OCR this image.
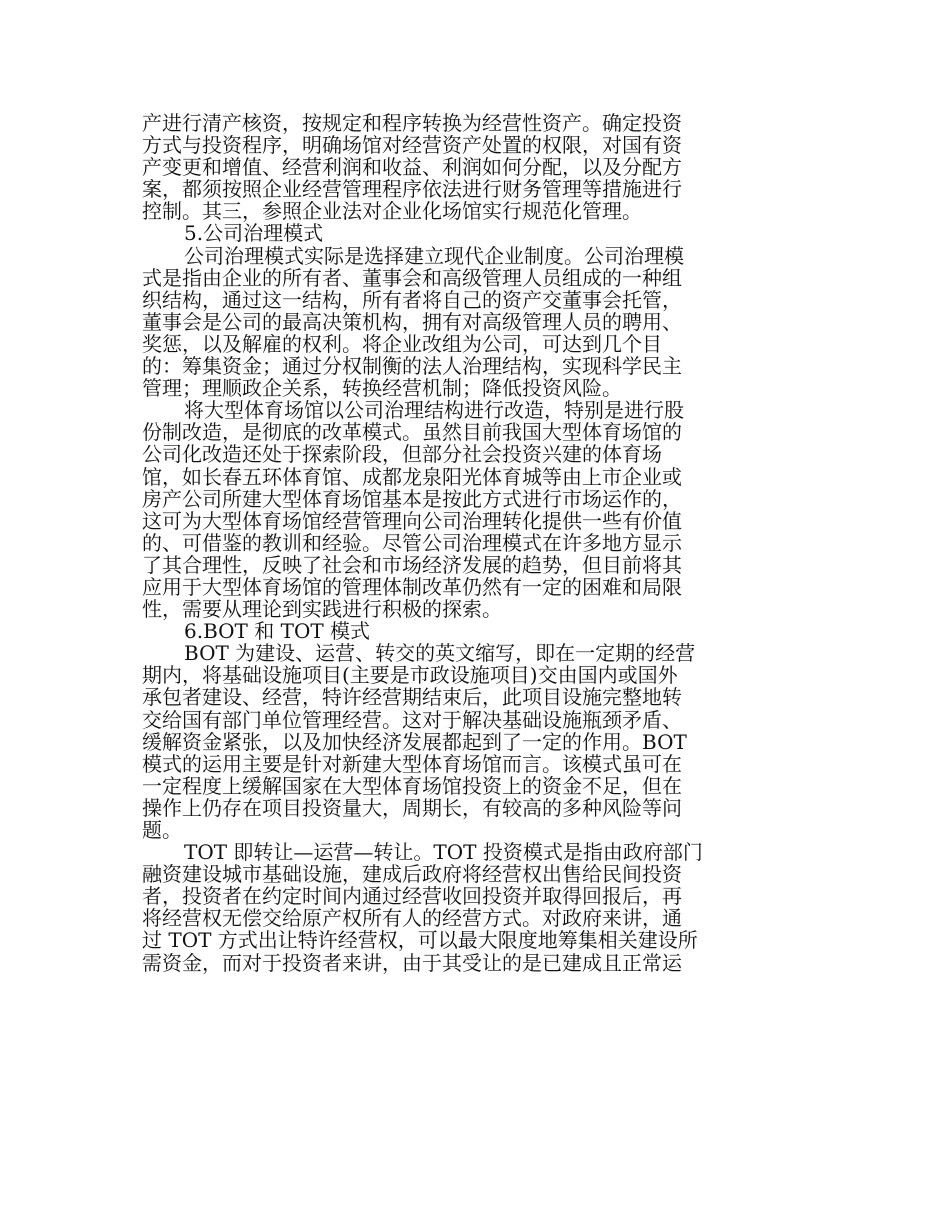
产进行清产核资，按规定和程序转换为经营性资产。确定投资
方式与投资程序，明确场馆对经营资产处置的权限，对国有资
产变更和增值、经营利润和收益、利润如何分配，以及分配方
案，都须按照企业经营管理程序依法进行财务管理等措施进行
控制。其三，参照企业法对企业化场馆实行规范化管理。
5.公司治理模式
公司治理模式实际是选择建立现代企业制度。公司治理模
式是指由企业的所有者、董事会和高级管理人员组成的一种组
织结构，通过这一结构，所有者将自己的资产交董事会托管，
董事会是公司的最高决策机构，拥有对高级管理人员的聘用、
奖惩，以及解雇的权利。将企业改组为公司，可达到几个目
的：筹集资金；通过分权制衡的法人治理结构，实现科学民主
管理；理顺政企关系，转换经营机制；降低投资风险。
将大型体育场馆以公司治理结构进行改造，特别是进行股
份制改造，是彻底的改革模式。虽然目前我国大型体育场馆的
公司化改造还处于探索阶段，但部分社会投资兴建的体育场
馆，如长春五环体育馆、成都龙泉阳光体育城等由上市企业或
房产公司所建大型体育场馆基本是按此方式进行市场运作的，
这可为大型体育场馆经营管理向公司治理转化提供一些有价值
的、可借鉴的教训和经验。尽管公司治理模式在许多地方显示
了其合理性，反映了社会和市场经济发展的趋势，但目前将其
应用于大型体育场馆的管理体制改革仍然有一定的困难和局限
性，需要从理论到实践进行积极的探索。
6.BOT 和 TOT 模式
BOT 为建设、运营、转交的英文缩写，即在一定期的经营
期内，将基础设施项目(主要是市政设施项目)交由国内或国外
承包者建设、经营，特许经营期结束后，此项目设施完整地转
交给国有部门单位管理经营。这对于解决基础设施瓶颈矛盾、
缓解资金紧张，以及加快经济发展都起到了一定的作用。BOT
模式的运用主要是针对新建大型体育场馆而言。该模式虽可在
一定程度上缓解国家在大型体育场馆投资上的资金不足，但在
操作上仍存在项目投资量大，周期长，有较高的多种风险等问
题。
TOT 即转让—运营—转让。TOT 投资模式是指由政府部门
融资建设城市基础设施，建成后政府将经营权出售给民间投资
者，投资者在约定时间内通过经营收回投资并取得回报后，再
将经营权无偿交给原产权所有人的经营方式。对政府来讲，通
过 TOT 方式出让特许经营权，可以最大限度地筹集相关建设所
需资金，而对于投资者来讲，由于其受让的是已建成且正常运
